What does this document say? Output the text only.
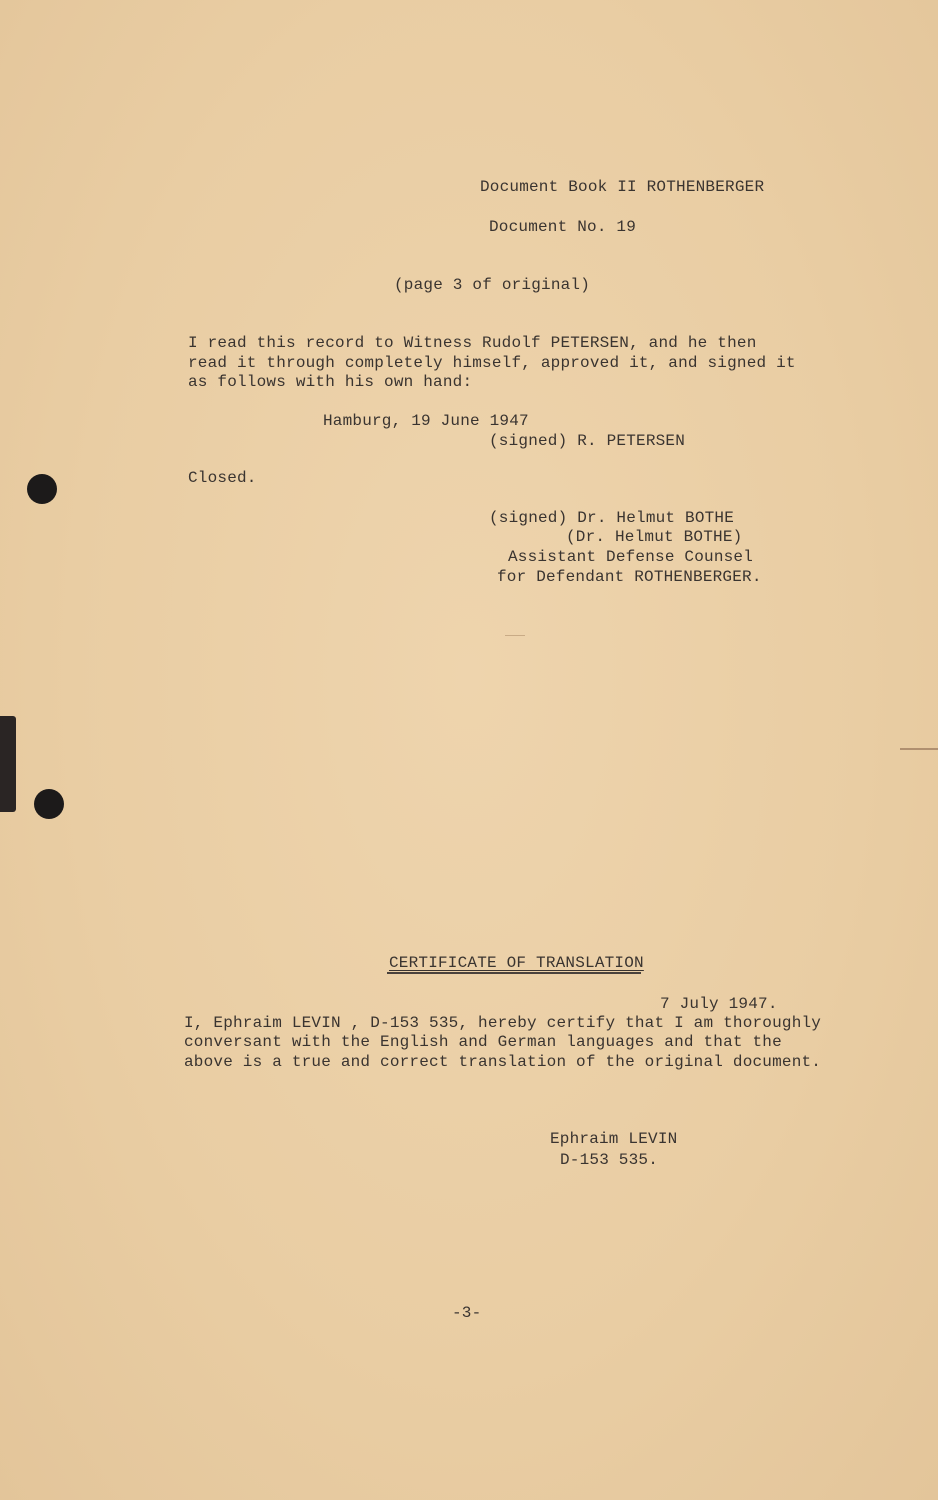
Document Book II ROTHENBERGER
Document No. 19
(page 3 of original)
I read this record to Witness Rudolf PETERSEN, and he then
read it through completely himself, approved it, and signed it
as follows with his own hand:
Hamburg, 19 June 1947
(signed) R. PETERSEN
Closed.
(signed) Dr. Helmut BOTHE
(Dr. Helmut BOTHE)
Assistant Defense Counsel
for Defendant ROTHENBERGER.
CERTIFICATE OF TRANSLATION
7 July 1947.
I, Ephraim LEVIN , D-153 535, hereby certify that I am thoroughly
conversant with the English and German languages and that the
above is a true and correct translation of the original document.
Ephraim LEVIN
D-153 535.
-3-
